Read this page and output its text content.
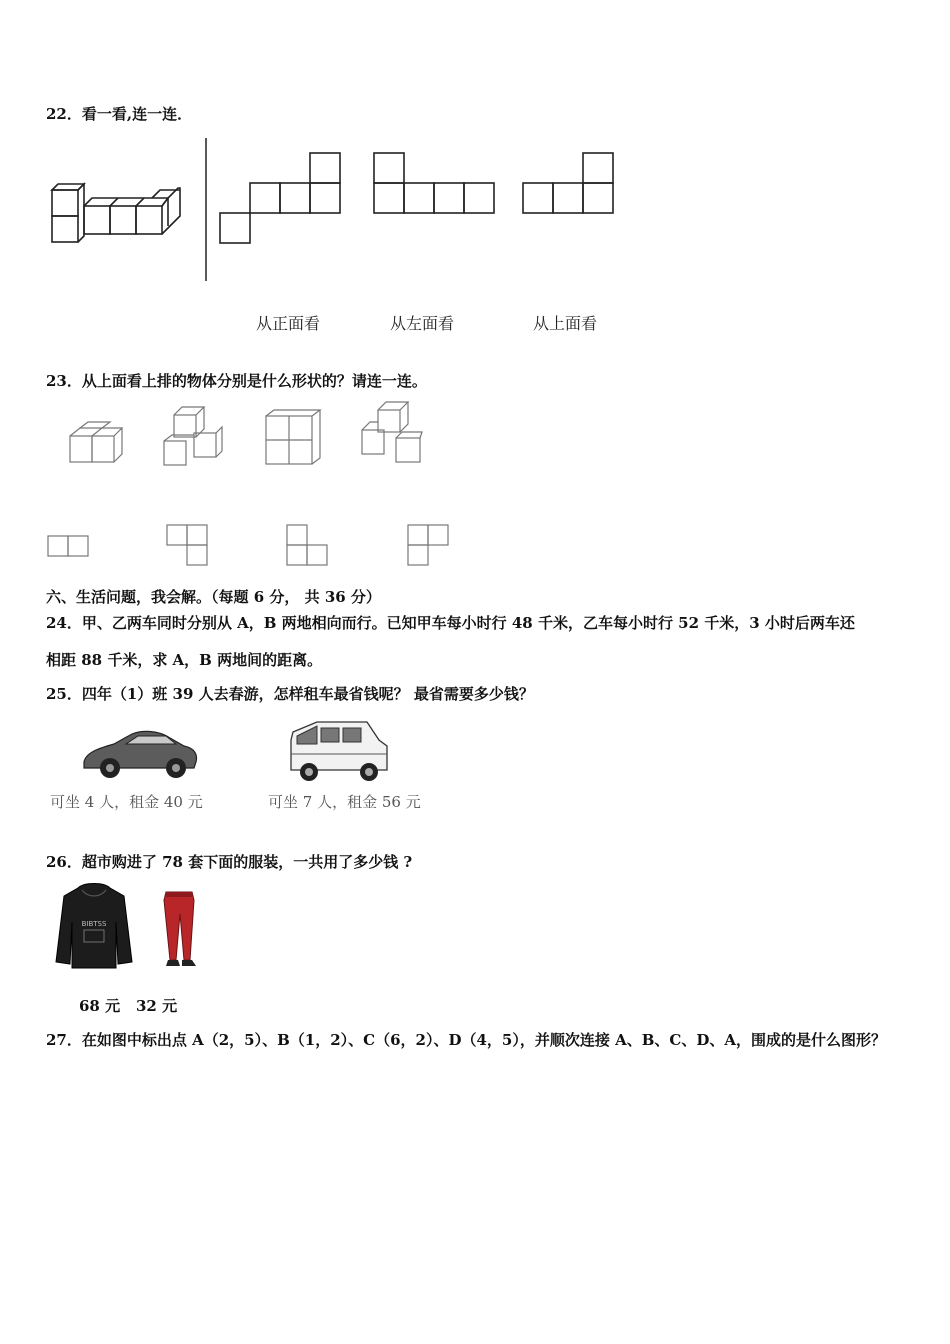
22．看一看,连一连．
从正面看	从左面看	从上面看
23．从上面看上排的物体分别是什么形状的？请连一连。
六、生活问题，我会解。（每题 6 分， 共 36 分）
24．甲、乙两车同时分别从 A，B 两地相向而行。已知甲车每小时行 48 千米，乙车每小时行 52 千米，3 小时后两车还
相距 88 千米，求 A，B 两地间的距离。
25．四年（1）班 39 人去春游，怎样租车最省钱呢？ 最省需要多少钱？
可坐 4 人，租金 40 元	可坐 7 人，租金 56 元
26．超市购进了 78 套下面的服装，一共用了多少钱 ?
BIBTSS
68 元 32 元
27．在如图中标出点 A（2，5）、B（1，2）、C（6，2）、D（4，5），并顺次连接 A、B、C、D、A，围成的是什么图形？
